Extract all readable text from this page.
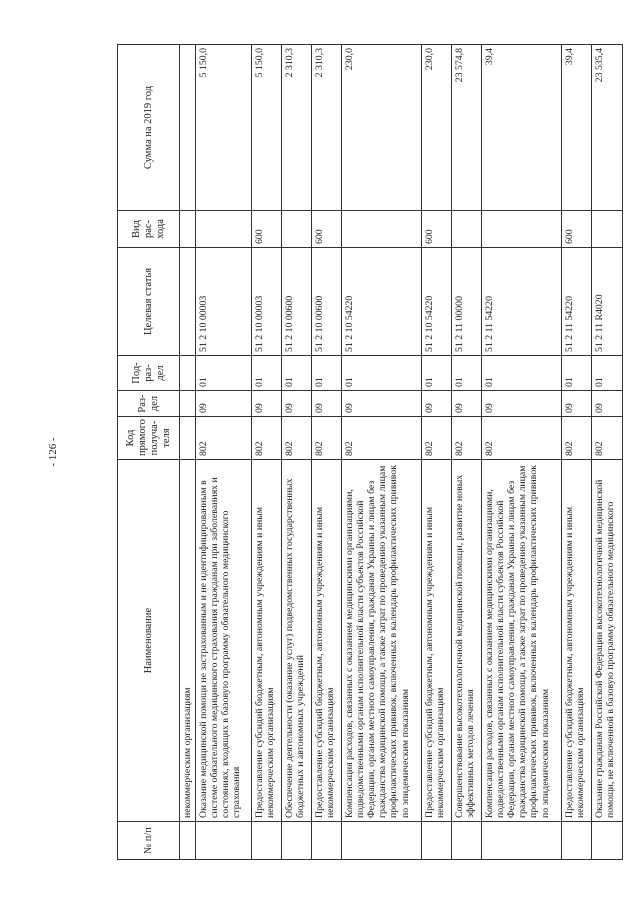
- 126 -
№ п/п	Наименование	Код прямого получа-теля	Раз-дел	Под-раз-дел	Целевая статья	Вид рас-хода	Сумма на 2019 год
	некоммерческим организациям						
	Оказание медицинской помощи не застрахованным и не идентифицированным в системе обязательного медицинского страхования гражданам при заболеваниях и состояниях, входящих в базовую программу обязательного медицинского страхования	802	09	01	51 2 10 00003		5 150,0
	Предоставление субсидий бюджетным, автономным учреждениям и иным некоммерческим организациям	802	09	01	51 2 10 00003	600	5 150,0
	Обеспечение деятельности (оказание услуг) подведомственных государственных бюджетных и автономных учреждений	802	09	01	51 2 10 00600		2 310,3
	Предоставление субсидий бюджетным, автономным учреждениям и иным некоммерческим организациям	802	09	01	51 2 10 00600	600	2 310,3
	Компенсация расходов, связанных с оказанием медицинскими организациями, подведомственными органам исполнительной власти субъектов Российской Федерации, органам местного самоуправления, гражданам Украины и лицам без гражданства медицинской помощи, а также затрат по проведению указанным лицам профилактических прививок, включенных в календарь профилактических прививок по эпидемическим показаниям	802	09	01	51 2 10 54220		230,0
	Предоставление субсидий бюджетным, автономным учреждениям и иным некоммерческим организациям	802	09	01	51 2 10 54220	600	230,0
	Совершенствование высокотехнологичной медицинской помощи, развитие новых эффективных методов лечения	802	09	01	51 2 11 00000		23 574,8
	Компенсация расходов, связанных с оказанием медицинскими организациями, подведомственными органам исполнительной власти субъектов Российской Федерации, органам местного самоуправления, гражданам Украины и лицам без гражданства медицинской помощи, а также затрат по проведению указанным лицам профилактических прививок, включенных в календарь профилактических прививок по эпидемическим показаниям	802	09	01	51 2 11 54220		39,4
	Предоставление субсидий бюджетным, автономным учреждениям и иным некоммерческим организациям	802	09	01	51 2 11 54220	600	39,4
	Оказание гражданам Российской Федерации высокотехнологичной медицинской помощи, не включенной в базовую программу обязательного медицинского	802	09	01	51 2 11 R4020		23 535,4
